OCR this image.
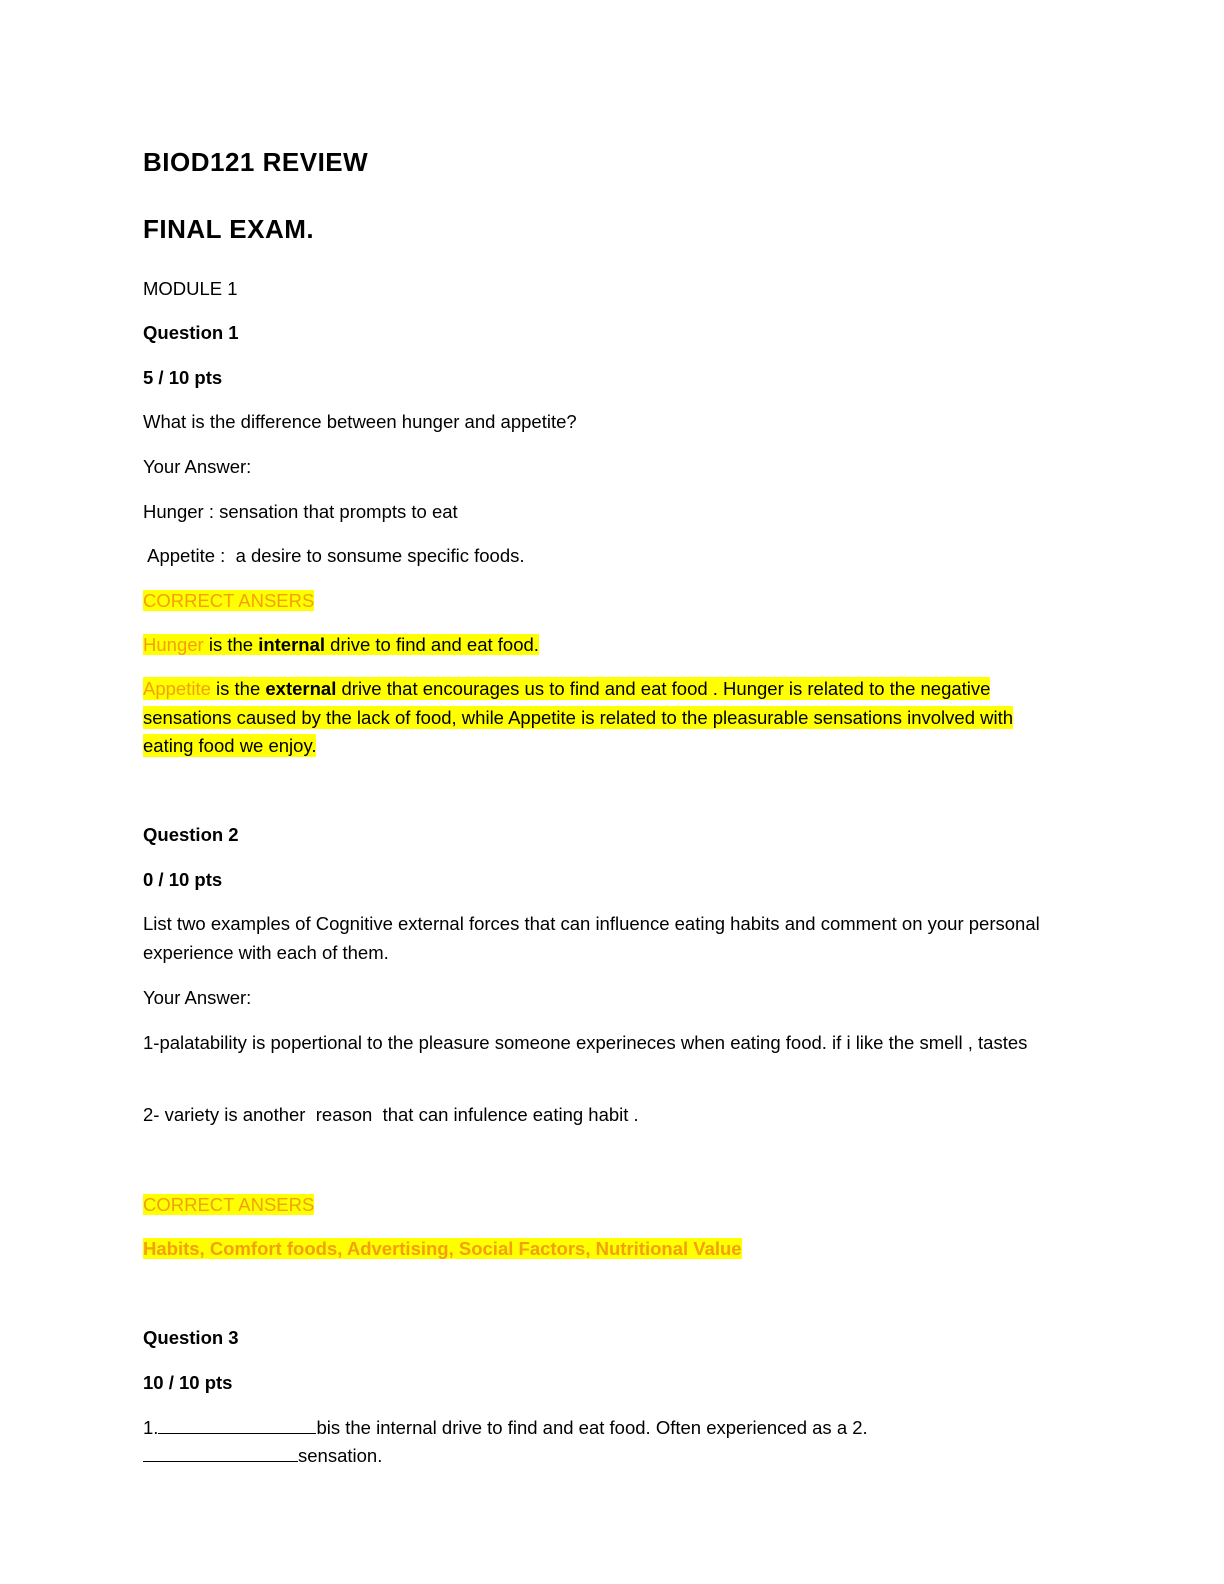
BIOD121 REVIEW
FINAL EXAM.
MODULE 1
Question 1
5 / 10 pts
What is the difference between hunger and appetite?
Your Answer:
Hunger : sensation that prompts to eat
Appetite :  a desire to sonsume specific foods.
CORRECT ANSERS
Hunger is the internal drive to find and eat food.
Appetite is the external drive that encourages us to find and eat food . Hunger is related to the negative sensations caused by the lack of food, while Appetite is related to the pleasurable sensations involved with eating food we enjoy.
Question 2
0 / 10 pts
List two examples of Cognitive external forces that can influence eating habits and comment on your personal experience with each of them.
Your Answer:
1-palatability is popertional to the pleasure someone experineces when eating food. if i like the smell , tastes
2- variety is another  reason  that can infulence eating habit .
CORRECT ANSERS
Habits, Comfort foods, Advertising, Social Factors, Nutritional Value
Question 3
10 / 10 pts
1.	bis the internal drive to find and eat food. Often experienced as a 2.
sensation.
